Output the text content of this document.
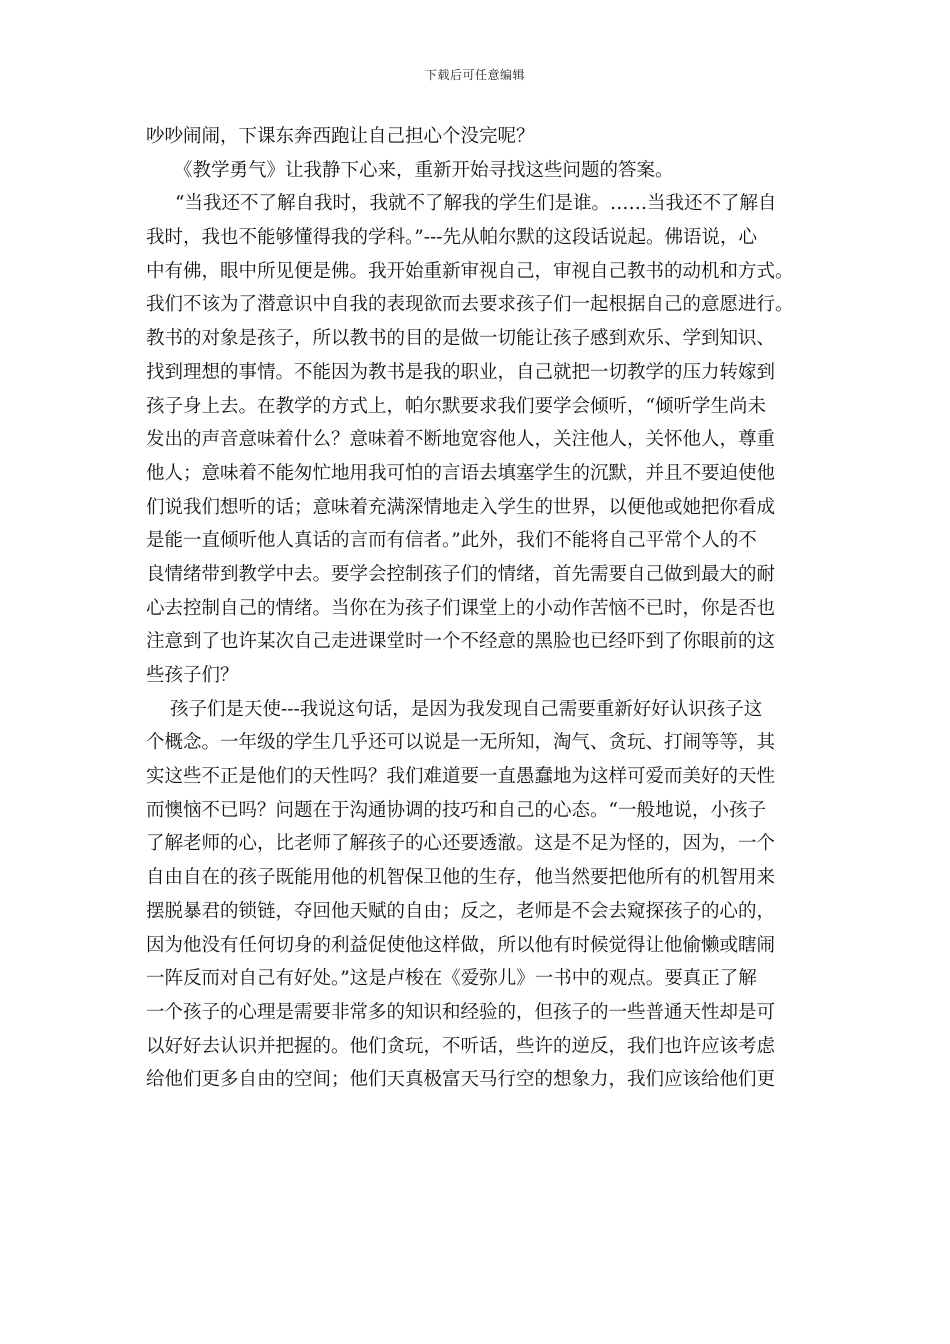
下载后可任意编辑
吵吵闹闹，下课东奔西跑让自己担心个没完呢？
《教学勇气》让我静下心来，重新开始寻找这些问题的答案。
“当我还不了解自我时，我就不了解我的学生们是谁。……当我还不了解自
我时，我也不能够懂得我的学科。”---先从帕尔默的这段话说起。佛语说，心
中有佛，眼中所见便是佛。我开始重新审视自己，审视自己教书的动机和方式。
我们不该为了潜意识中自我的表现欲而去要求孩子们一起根据自己的意愿进行。
教书的对象是孩子，所以教书的目的是做一切能让孩子感到欢乐、学到知识、
找到理想的事情。不能因为教书是我的职业，自己就把一切教学的压力转嫁到
孩子身上去。在教学的方式上，帕尔默要求我们要学会倾听，“倾听学生尚未
发出的声音意味着什么？意味着不断地宽容他人，关注他人，关怀他人，尊重
他人；意味着不能匆忙地用我可怕的言语去填塞学生的沉默，并且不要迫使他
们说我们想听的话；意味着充满深情地走入学生的世界，以便他或她把你看成
是能一直倾听他人真话的言而有信者。”此外，我们不能将自己平常个人的不
良情绪带到教学中去。要学会控制孩子们的情绪，首先需要自己做到最大的耐
心去控制自己的情绪。当你在为孩子们课堂上的小动作苦恼不已时，你是否也
注意到了也许某次自己走进课堂时一个不经意的黑脸也已经吓到了你眼前的这
些孩子们？
孩子们是天使---我说这句话，是因为我发现自己需要重新好好认识孩子这
个概念。一年级的学生几乎还可以说是一无所知，淘气、贪玩、打闹等等，其
实这些不正是他们的天性吗？我们难道要一直愚蠢地为这样可爱而美好的天性
而懊恼不已吗？问题在于沟通协调的技巧和自己的心态。“一般地说，小孩子
了解老师的心，比老师了解孩子的心还要透澈。这是不足为怪的，因为，一个
自由自在的孩子既能用他的机智保卫他的生存，他当然要把他所有的机智用来
摆脱暴君的锁链，夺回他天赋的自由；反之，老师是不会去窥探孩子的心的，
因为他没有任何切身的利益促使他这样做，所以他有时候觉得让他偷懒或瞎闹
一阵反而对自己有好处。”这是卢梭在《爱弥儿》一书中的观点。要真正了解
一个孩子的心理是需要非常多的知识和经验的，但孩子的一些普通天性却是可
以好好去认识并把握的。他们贪玩，不听话，些许的逆反，我们也许应该考虑
给他们更多自由的空间；他们天真极富天马行空的想象力，我们应该给他们更
